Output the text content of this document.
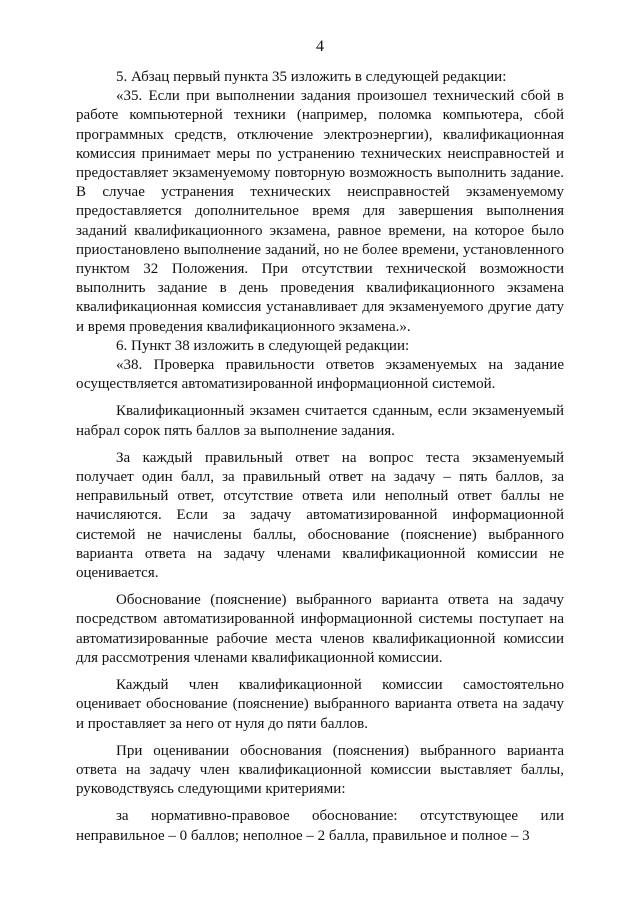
4

5. Абзац первый пункта 35 изложить в следующей редакции:

«35. Если при выполнении задания произошел технический сбой в работе компьютерной техники (например, поломка компьютера, сбой программных средств, отключение электроэнергии), квалификационная комиссия принимает меры по устранению технических неисправностей и предоставляет экзаменуемому повторную возможность выполнить задание. В случае устранения технических неисправностей экзаменуемому предоставляется дополнительное время для завершения выполнения заданий квалификационного экзамена, равное времени, на которое было приостановлено выполнение заданий, но не более времени, установленного пунктом 32 Положения. При отсутствии технической возможности выполнить задание в день проведения квалификационного экзамена квалификационная комиссия устанавливает для экзаменуемого другие дату и время проведения квалификационного экзамена.».

6. Пункт 38 изложить в следующей редакции:

«38. Проверка правильности ответов экзаменуемых на задание осуществляется автоматизированной информационной системой.

Квалификационный экзамен считается сданным, если экзаменуемый набрал сорок пять баллов за выполнение задания.

За каждый правильный ответ на вопрос теста экзаменуемый получает один балл, за правильный ответ на задачу – пять баллов, за неправильный ответ, отсутствие ответа или неполный ответ баллы не начисляются. Если за задачу автоматизированной информационной системой не начислены баллы, обоснование (пояснение) выбранного варианта ответа на задачу членами квалификационной комиссии не оценивается.

Обоснование (пояснение) выбранного варианта ответа на задачу посредством автоматизированной информационной системы поступает на автоматизированные рабочие места членов квалификационной комиссии для рассмотрения членами квалификационной комиссии.

Каждый член квалификационной комиссии самостоятельно оценивает обоснование (пояснение) выбранного варианта ответа на задачу и проставляет за него от нуля до пяти баллов.

При оценивании обоснования (пояснения) выбранного варианта ответа на задачу член квалификационной комиссии выставляет баллы, руководствуясь следующими критериями:

за нормативно-правовое обоснование: отсутствующее или неправильное – 0 баллов; неполное – 2 балла, правильное и полное – 3
